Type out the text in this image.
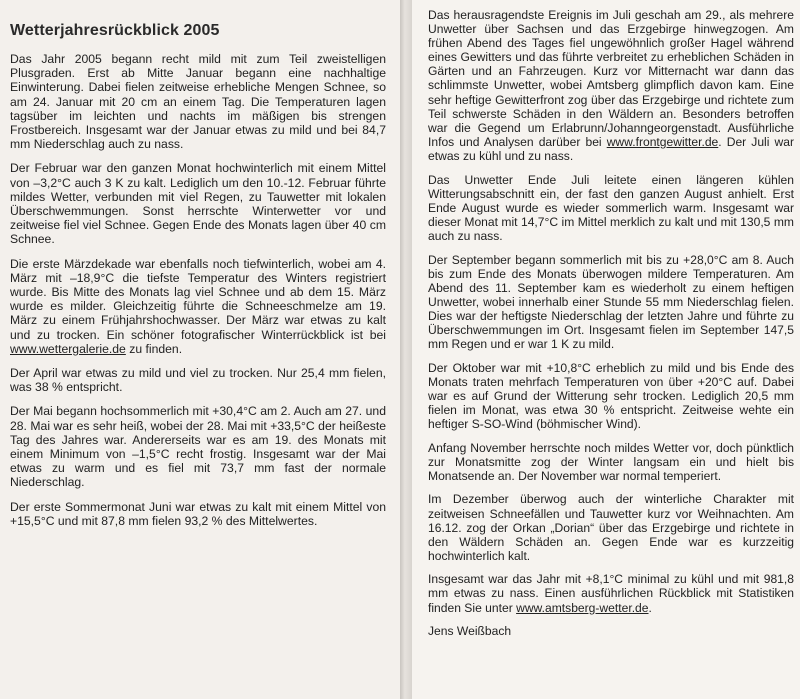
Wetterjahresrückblick 2005

Das Jahr 2005 begann recht mild mit zum Teil zweistelligen Plusgraden. Erst ab Mitte Januar begann eine nachhaltige Einwinterung. Dabei fielen zeitweise erhebliche Mengen Schnee, so am 24. Januar mit 20 cm an einem Tag. Die Temperaturen lagen tagsüber im leichten und nachts im mäßigen bis strengen Frostbereich. Insgesamt war der Januar etwas zu mild und bei 84,7 mm Niederschlag auch zu nass.

Der Februar war den ganzen Monat hochwinterlich mit einem Mittel von –3,2°C auch 3 K zu kalt. Lediglich um den 10.-12. Februar führte mildes Wetter, verbunden mit viel Regen, zu Tauwetter mit lokalen Überschwemmungen. Sonst herrschte Winterwetter vor und zeitweise fiel viel Schnee. Gegen Ende des Monats lagen über 40 cm Schnee.

Die erste Märzdekade war ebenfalls noch tiefwinterlich, wobei am 4. März mit –18,9°C die tiefste Temperatur des Winters registriert wurde. Bis Mitte des Monats lag viel Schnee und ab dem 15. März wurde es milder. Gleichzeitig führte die Schneeschmelze am 19. März zu einem Frühjahrshochwasser. Der März war etwas zu kalt und zu trocken. Ein schöner fotografischer Winterrückblick ist bei www.wettergalerie.de zu finden.

Der April war etwas zu mild und viel zu trocken. Nur 25,4 mm fielen, was 38 % entspricht.

Der Mai begann hochsommerlich mit +30,4°C am 2. Auch am 27. und 28. Mai war es sehr heiß, wobei der 28. Mai mit +33,5°C der heißeste Tag des Jahres war. Andererseits war es am 19. des Monats mit einem Minimum von –1,5°C recht frostig. Insgesamt war der Mai etwas zu warm und es fiel mit 73,7 mm fast der normale Niederschlag.

Der erste Sommermonat Juni war etwas zu kalt mit einem Mittel von +15,5°C und mit 87,8 mm fielen 93,2 % des Mittelwertes.

Das herausragendste Ereignis im Juli geschah am 29., als mehrere Unwetter über Sachsen und das Erzgebirge hinwegzogen. Am frühen Abend des Tages fiel ungewöhnlich großer Hagel während eines Gewitters und das führte verbreitet zu erheblichen Schäden in Gärten und an Fahrzeugen. Kurz vor Mitternacht war dann das schlimmste Unwetter, wobei Amtsberg glimpflich davon kam. Eine sehr heftige Gewitterfront zog über das Erzgebirge und richtete zum Teil schwerste Schäden in den Wäldern an. Besonders betroffen war die Gegend um Erlabrunn/Johanngeorgenstadt. Ausführliche Infos und Analysen darüber bei www.frontgewitter.de. Der Juli war etwas zu kühl und zu nass.

Das Unwetter Ende Juli leitete einen längeren kühlen Witterungsabschnitt ein, der fast den ganzen August anhielt. Erst Ende August wurde es wieder sommerlich warm. Insgesamt war dieser Monat mit 14,7°C im Mittel merklich zu kalt und mit 130,5 mm auch zu nass.

Der September begann sommerlich mit bis zu +28,0°C am 8. Auch bis zum Ende des Monats überwogen mildere Temperaturen. Am Abend des 11. September kam es wiederholt zu einem heftigen Unwetter, wobei innerhalb einer Stunde 55 mm Niederschlag fielen. Dies war der heftigste Niederschlag der letzten Jahre und führte zu Überschwemmungen im Ort. Insgesamt fielen im September 147,5 mm Regen und er war 1 K zu mild.

Der Oktober war mit +10,8°C erheblich zu mild und bis Ende des Monats traten mehrfach Temperaturen von über +20°C auf. Dabei war es auf Grund der Witterung sehr trocken. Lediglich 20,5 mm fielen im Monat, was etwa 30 % entspricht. Zeitweise wehte ein heftiger S-SO-Wind (böhmischer Wind).

Anfang November herrschte noch mildes Wetter vor, doch pünktlich zur Monatsmitte zog der Winter langsam ein und hielt bis Monatsende an. Der November war normal temperiert.

Im Dezember überwog auch der winterliche Charakter mit zeitweisen Schneefällen und Tauwetter kurz vor Weihnachten. Am 16.12. zog der Orkan „Dorian“ über das Erzgebirge und richtete in den Wäldern Schäden an. Gegen Ende war es kurzzeitig hochwinterlich kalt.

Insgesamt war das Jahr mit +8,1°C minimal zu kühl und mit 981,8 mm etwas zu nass. Einen ausführlichen Rückblick mit Statistiken finden Sie unter www.amtsberg-wetter.de.

Jens Weißbach
